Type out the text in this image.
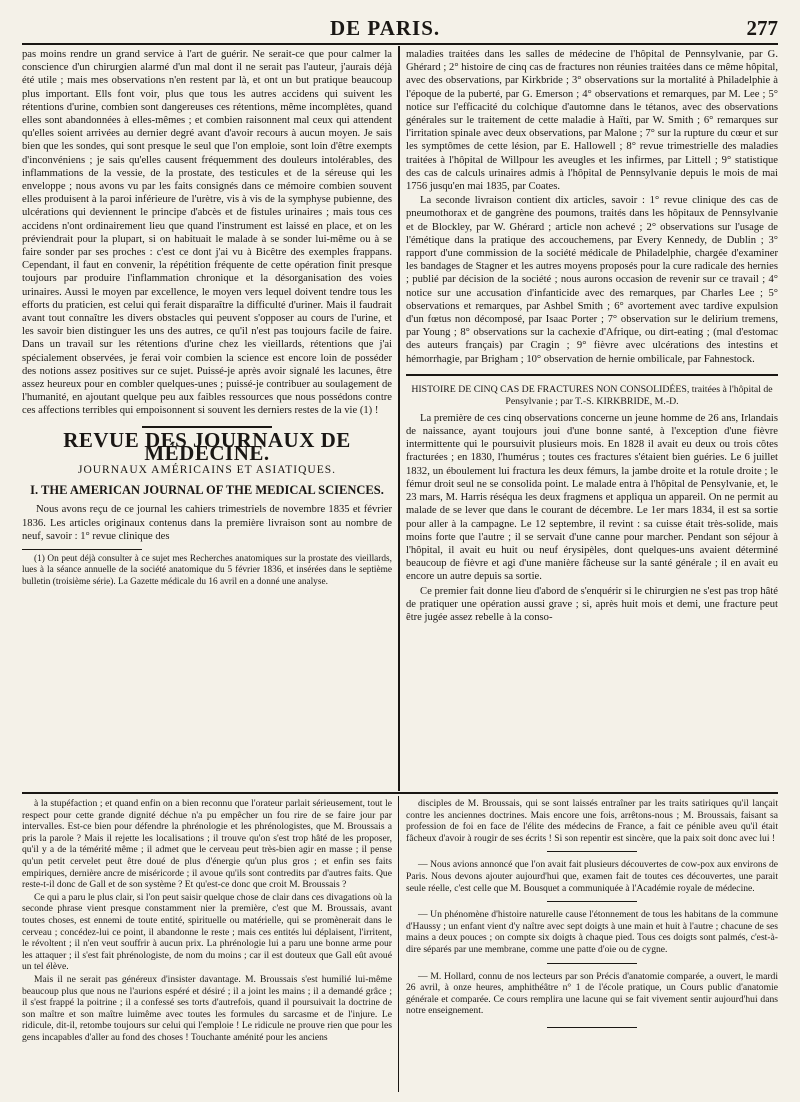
DE PARIS.	277

pas moins rendre un grand service à l'art de guérir. Ne serait-ce que pour calmer la conscience d'un chirurgien alarmé d'un mal dont il ne serait pas l'auteur, j'aurais déjà été utile ; mais mes observations n'en restent par là, et ont un but pratique beaucoup plus important. Ells font voir, plus que tous les autres accidens qui suivent les rétentions d'urine, combien sont dangereuses ces rétentions, même incomplètes, quand elles sont abandonnées à elles-mêmes ; et combien raisonnent mal ceux qui attendent qu'elles soient arrivées au dernier degré avant d'avoir recours à aucun moyen. Je sais bien que les sondes, qui sont presque le seul que l'on emploie, sont loin d'être exempts d'inconvéniens ; je sais qu'elles causent fréquemment des douleurs intolérables, des inflammations de la vessie, de la prostate, des testicules et de la séreuse qui les enveloppe ; nous avons vu par les faits consignés dans ce mémoire combien souvent elles produisent à la paroi inférieure de l'urètre, vis à vis de la symphyse pubienne, des ulcérations qui deviennent le principe d'abcès et de fistules urinaires ; mais tous ces accidens n'ont ordinairement lieu que quand l'instrument est laissé en place, et on les préviendrait pour la plupart, si on habituait le malade à se sonder lui-même ou à se faire sonder par ses proches : c'est ce dont j'ai vu à Bicêtre des exemples frappans. Cependant, il faut en convenir, la répétition fréquente de cette opération finit presque toujours par produire l'inflammation chronique et la désorganisation des voies urinaires. Aussi le moyen par excellence, le moyen vers lequel doivent tendre tous les efforts du praticien, est celui qui ferait disparaître la difficulté d'uriner. Mais il faudrait avant tout connaître les divers obstacles qui peuvent s'opposer au cours de l'urine, et les savoir bien distinguer les uns des autres, ce qu'il n'est pas toujours facile de faire. Dans un travail sur les rétentions d'urine chez les vieillards, rétentions que j'ai spécialement observées, je ferai voir combien la science est encore loin de posséder des notions assez positives sur ce sujet. Puissé-je après avoir signalé les lacunes, être assez heureux pour en combler quelques-unes ; puissé-je contribuer au soulagement de l'humanité, en ajoutant quelque peu aux faibles ressources que nous possédons contre ces affections terribles qui empoisonnent si souvent les derniers restes de la vie (1) !

REVUE DES JOURNAUX DE MÉDECINE.
JOURNAUX AMÉRICAINS ET ASIATIQUES.
I. THE AMERICAN JOURNAL OF THE MEDICAL SCIENCES.

Nous avons reçu de ce journal les cahiers trimestriels de novembre 1835 et février 1836. Les articles originaux contenus dans la première livraison sont au nombre de neuf, savoir : 1° revue clinique des

(1) On peut déjà consulter à ce sujet mes Recherches anatomiques sur la prostate des vieillards, lues à la séance annuelle de la société anatomique du 5 février 1836, et insérées dans le septième bulletin (troisième série). La Gazette médicale du 16 avril en a donné une analyse.

maladies traitées dans les salles de médecine de l'hôpital de Pennsylvanie, par G. Ghérard ; 2° histoire de cinq cas de fractures non réunies traitées dans ce même hôpital, avec des observations, par Kirkbride ; 3° observations sur la mortalité à Philadelphie à l'époque de la puberté, par G. Emerson ; 4° observations et remarques, par M. Lee ; 5° notice sur l'efficacité du colchique d'automne dans le tétanos, avec des observations générales sur le traitement de cette maladie à Haïti, par W. Smith ; 6° remarques sur l'irritation spinale avec deux observations, par Malone ; 7° sur la rupture du cœur et sur les symptômes de cette lésion, par E. Hallowell ; 8° revue trimestrielle des maladies traitées à l'hôpital de Willpour les aveugles et les infirmes, par Littell ; 9° statistique des cas de calculs urinaires admis à l'hôpital de Pennsylvanie depuis le mois de mai 1756 jusqu'en mai 1835, par Coates.

La seconde livraison contient dix articles, savoir : 1° revue clinique des cas de pneumothorax et de gangrène des poumons, traités dans les hôpitaux de Pennsylvanie et de Blockley, par W. Ghérard ; article non achevé ; 2° observations sur l'usage de l'émétique dans la pratique des accouchemens, par Every Kennedy, de Dublin ; 3° rapport d'une commission de la société médicale de Philadelphie, chargée d'examiner les bandages de Stagner et les autres moyens proposés pour la cure radicale des hernies ; publié par décision de la société ; nous aurons occasion de revenir sur ce travail ; 4° notice sur une accusation d'infanticide avec des remarques, par Charles Lee ; 5° observations et remarques, par Ashbel Smith ; 6° avortement avec tardive expulsion d'un fœtus non décomposé, par Isaac Porter ; 7° observation sur le delirium tremens, par Young ; 8° observations sur la cachexie d'Afrique, ou dirt-eating ; (mal d'estomac des auteurs français) par Cragin ; 9° fièvre avec ulcérations des intestins et hémorrhagie, par Brigham ; 10° observation de hernie ombilicale, par Fahnestock.

HISTOIRE DE CINQ CAS DE FRACTURES NON CONSOLIDÉES, traitées à l'hôpital de Pensylvanie ; par T.-S. KIRKBRIDE, M.-D.

La première de ces cinq observations concerne un jeune homme de 26 ans, Irlandais de naissance, ayant toujours joui d'une bonne santé, à l'exception d'une fièvre intermittente qui le poursuivit plusieurs mois. En 1828 il avait eu deux ou trois côtes fracturées ; en 1830, l'humérus ; toutes ces fractures s'étaient bien guéries. Le 6 juillet 1832, un éboulement lui fractura les deux fémurs, la jambe droite et la rotule droite ; le fémur droit seul ne se consolida point. Le malade entra à l'hôpital de Pensylvanie, et, le 23 mars, M. Harris réséqua les deux fragmens et appliqua un appareil. On ne permit au malade de se lever que dans le courant de décembre. Le 1er mars 1834, il est sa sortie pour aller à la campagne. Le 12 septembre, il revint : sa cuisse était très-solide, mais moins forte que l'autre ; il se servait d'une canne pour marcher. Pendant son séjour à l'hôpital, il avait eu huit ou neuf érysipèles, dont quelques-uns avaient déterminé beaucoup de fièvre et agi d'une manière fâcheuse sur la santé générale ; il en avait eu encore un autre depuis sa sortie.

Ce premier fait donne lieu d'abord de s'enquérir si le chirurgien ne s'est pas trop hâté de pratiquer une opération aussi grave ; si, après huit mois et demi, une fracture peut être jugée assez rebelle à la conso-

à la stupéfaction ; et quand enfin on a bien reconnu que l'orateur parlait sérieusement, tout le respect pour cette grande dignité déchue n'a pu empêcher un fou rire de se faire jour par intervalles. Est-ce bien pour défendre la phrénologie et les phrénologistes, que M. Broussais a pris la parole ? Mais il rejette les localisations ; il trouve qu'on s'est trop hâté de les proposer, qu'il y a de la témérité même ; il admet que le cerveau peut très-bien agir en masse ; il pense qu'un petit cervelet peut être doué de plus d'énergie qu'un plus gros ; et enfin ses faits empiriques, dernière ancre de miséricorde ; il avoue qu'ils sont contredits par d'autres faits. Que reste-t-il donc de Gall et de son système ? Et qu'est-ce donc que croit M. Broussais ?

Ce qui a paru le plus clair, si l'on peut saisir quelque chose de clair dans ces divagations où la seconde phrase vient presque constamment nier la première, c'est que M. Broussais, avant toutes choses, est ennemi de toute entité, spirituelle ou matérielle, qui se promènerait dans le cerveau ; concédez-lui ce point, il abandonne le reste ; mais ces entités lui déplaisent, l'irritent, le révoltent ; il n'en veut souffrir à aucun prix. La phrénologie lui a paru une bonne arme pour les attaquer ; il s'est fait phrénologiste, de nom du moins ; car il est douteux que Gall eût avoué un tel élève.

Mais il ne serait pas généreux d'insister davantage. M. Broussais s'est humilié lui-même beaucoup plus que nous ne l'aurions espéré et désiré ; il a joint les mains ; il a demandé grâce ; il s'est frappé la poitrine ; il a confessé ses torts d'autrefois, quand il poursuivait la doctrine de son maître et son maître luimême avec toutes les formules du sarcasme et de l'injure. Le ridicule, dit-il, retombe toujours sur celui qui l'emploie ! Le ridicule ne prouve rien que pour les gens incapables d'aller au fond des choses ! Touchante aménité pour les anciens

disciples de M. Broussais, qui se sont laissés entraîner par les traits satiriques qu'il lançait contre les anciennes doctrines. Mais encore une fois, arrêtons-nous ; M. Broussais, faisant sa profession de foi en face de l'élite des médecins de France, a fait ce pénible aveu qu'il était fâcheux d'avoir à rougir de ses écrits ! Si son repentir est sincère, que la paix soit donc avec lui !

— Nous avions annoncé que l'on avait fait plusieurs découvertes de cow-pox aux environs de Paris. Nous devons ajouter aujourd'hui que, examen fait de toutes ces découvertes, une parait seule réelle, c'est celle que M. Bousquet a communiquée à l'Académie royale de médecine.

— Un phénomène d'histoire naturelle cause l'étonnement de tous les habitans de la commune d'Haussy ; un enfant vient d'y naître avec sept doigts à une main et huit à l'autre ; chacune de ses mains a deux pouces ; on compte six doigts à chaque pied. Tous ces doigts sont palmés, c'est-à-dire séparés par une membrane, comme une patte d'oie ou de cygne.

— M. Hollard, connu de nos lecteurs par son Précis d'anatomie comparée, a ouvert, le mardi 26 avril, à onze heures, amphithéâtre n° 1 de l'école pratique, un Cours public d'anatomie générale et comparée. Ce cours remplira une lacune qui se fait vivement sentir aujourd'hui dans notre enseignement.
